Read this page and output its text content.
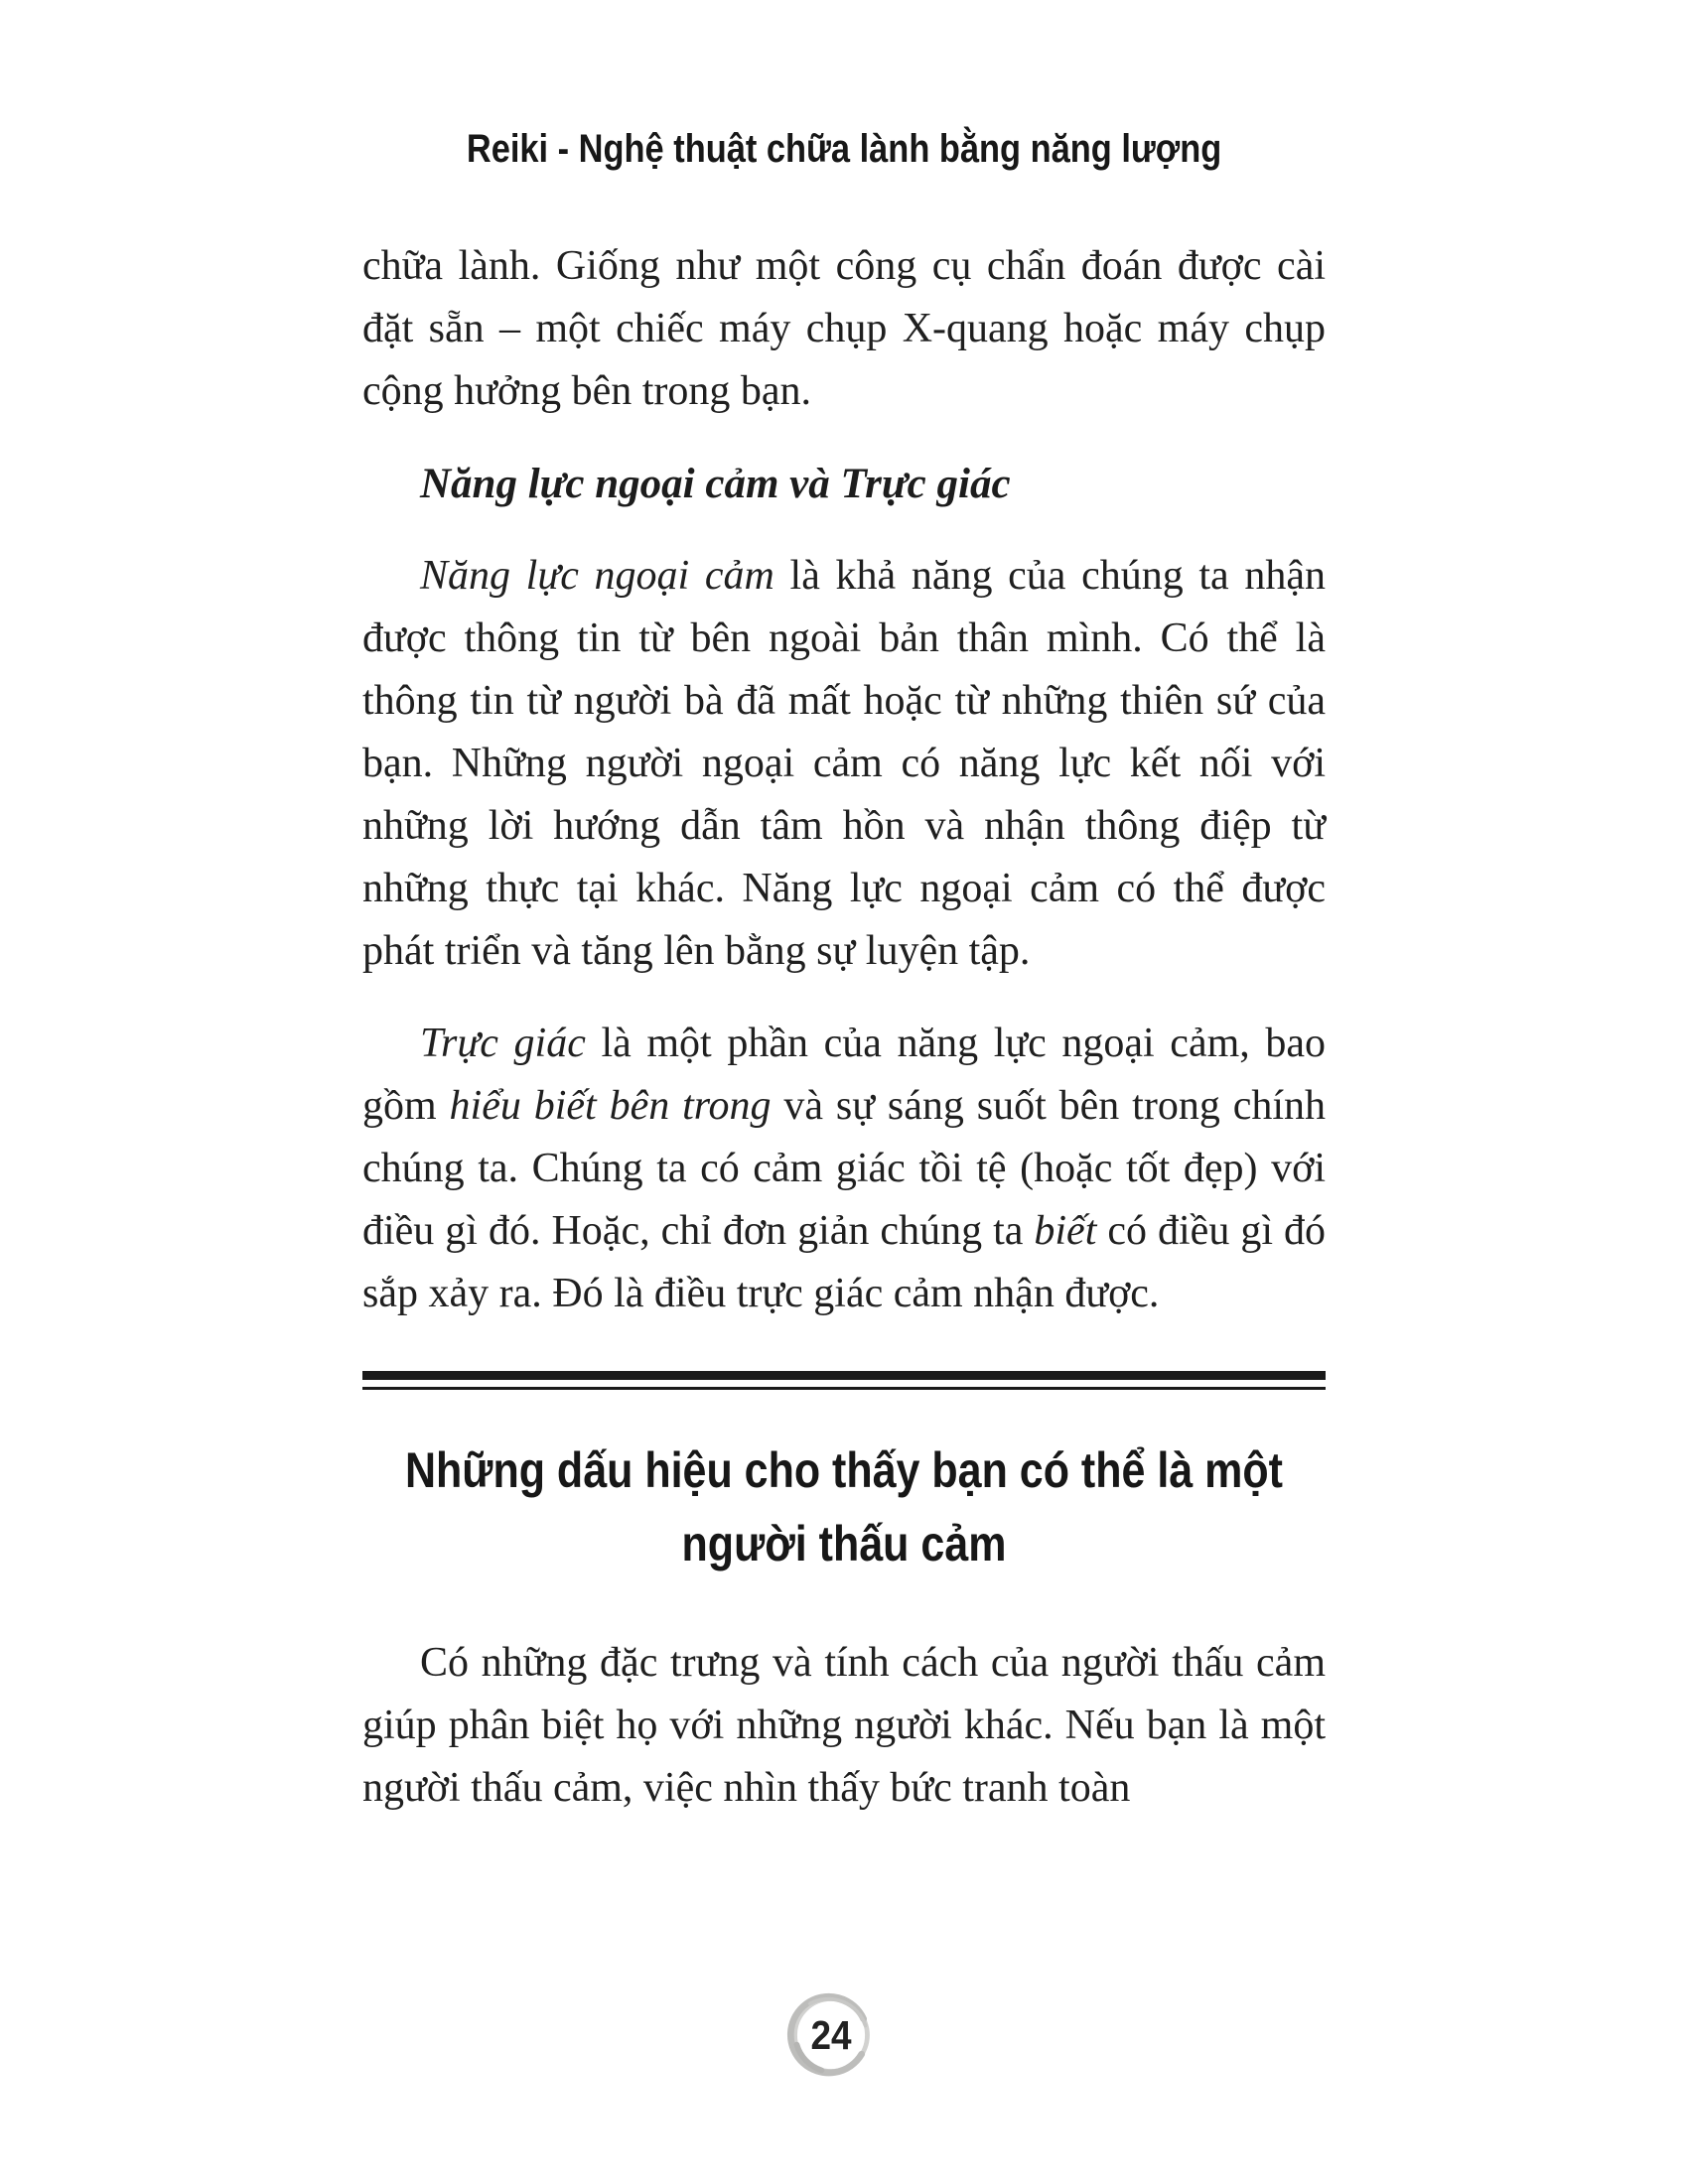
Reiki - Nghệ thuật chữa lành bằng năng lượng

chữa lành. Giống như một công cụ chẩn đoán được cài đặt sẵn – một chiếc máy chụp X-quang hoặc máy chụp cộng hưởng bên trong bạn.

Năng lực ngoại cảm và Trực giác

Năng lực ngoại cảm là khả năng của chúng ta nhận được thông tin từ bên ngoài bản thân mình. Có thể là thông tin từ người bà đã mất hoặc từ những thiên sứ của bạn. Những người ngoại cảm có năng lực kết nối với những lời hướng dẫn tâm hồn và nhận thông điệp từ những thực tại khác. Năng lực ngoại cảm có thể được phát triển và tăng lên bằng sự luyện tập.

Trực giác là một phần của năng lực ngoại cảm, bao gồm hiểu biết bên trong và sự sáng suốt bên trong chính chúng ta. Chúng ta có cảm giác tồi tệ (hoặc tốt đẹp) với điều gì đó. Hoặc, chỉ đơn giản chúng ta biết có điều gì đó sắp xảy ra. Đó là điều trực giác cảm nhận được.

Những dấu hiệu cho thấy bạn có thể là một người thấu cảm

Có những đặc trưng và tính cách của người thấu cảm giúp phân biệt họ với những người khác. Nếu bạn là một người thấu cảm, việc nhìn thấy bức tranh toàn

24
